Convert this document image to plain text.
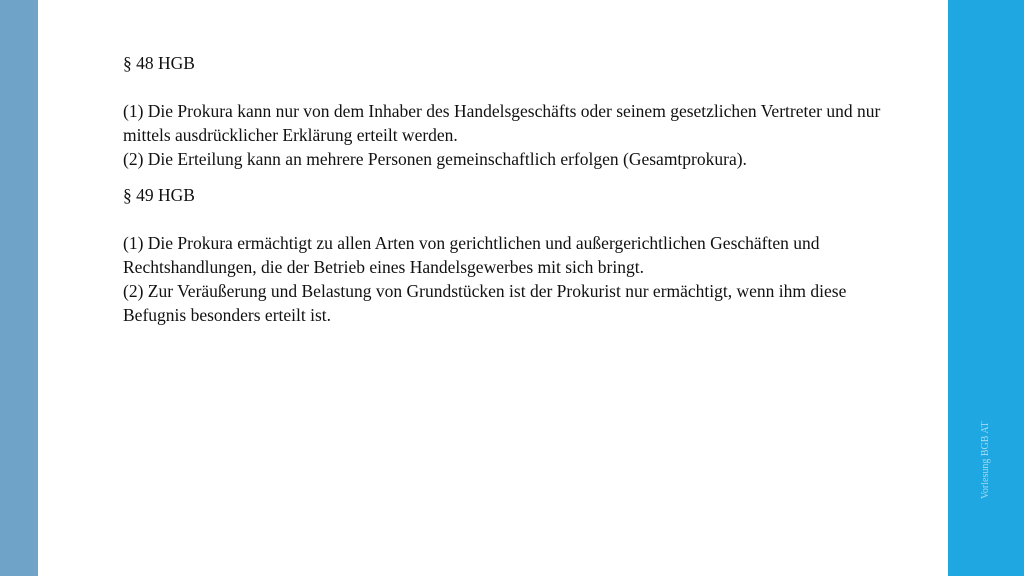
Vorlesung BGB AT

§ 48 HGB

(1) Die Prokura kann nur von dem Inhaber des Handelsgeschäfts oder seinem gesetzlichen Vertreter und nur mittels ausdrücklicher Erklärung erteilt werden.

(2) Die Erteilung kann an mehrere Personen gemeinschaftlich erfolgen (Gesamtprokura).

§ 49 HGB

(1) Die Prokura ermächtigt zu allen Arten von gerichtlichen und außergerichtlichen Geschäften und Rechtshandlungen, die der Betrieb eines Handelsgewerbes mit sich bringt.

(2) Zur Veräußerung und Belastung von Grundstücken ist der Prokurist nur ermächtigt, wenn ihm diese Befugnis besonders erteilt ist.
